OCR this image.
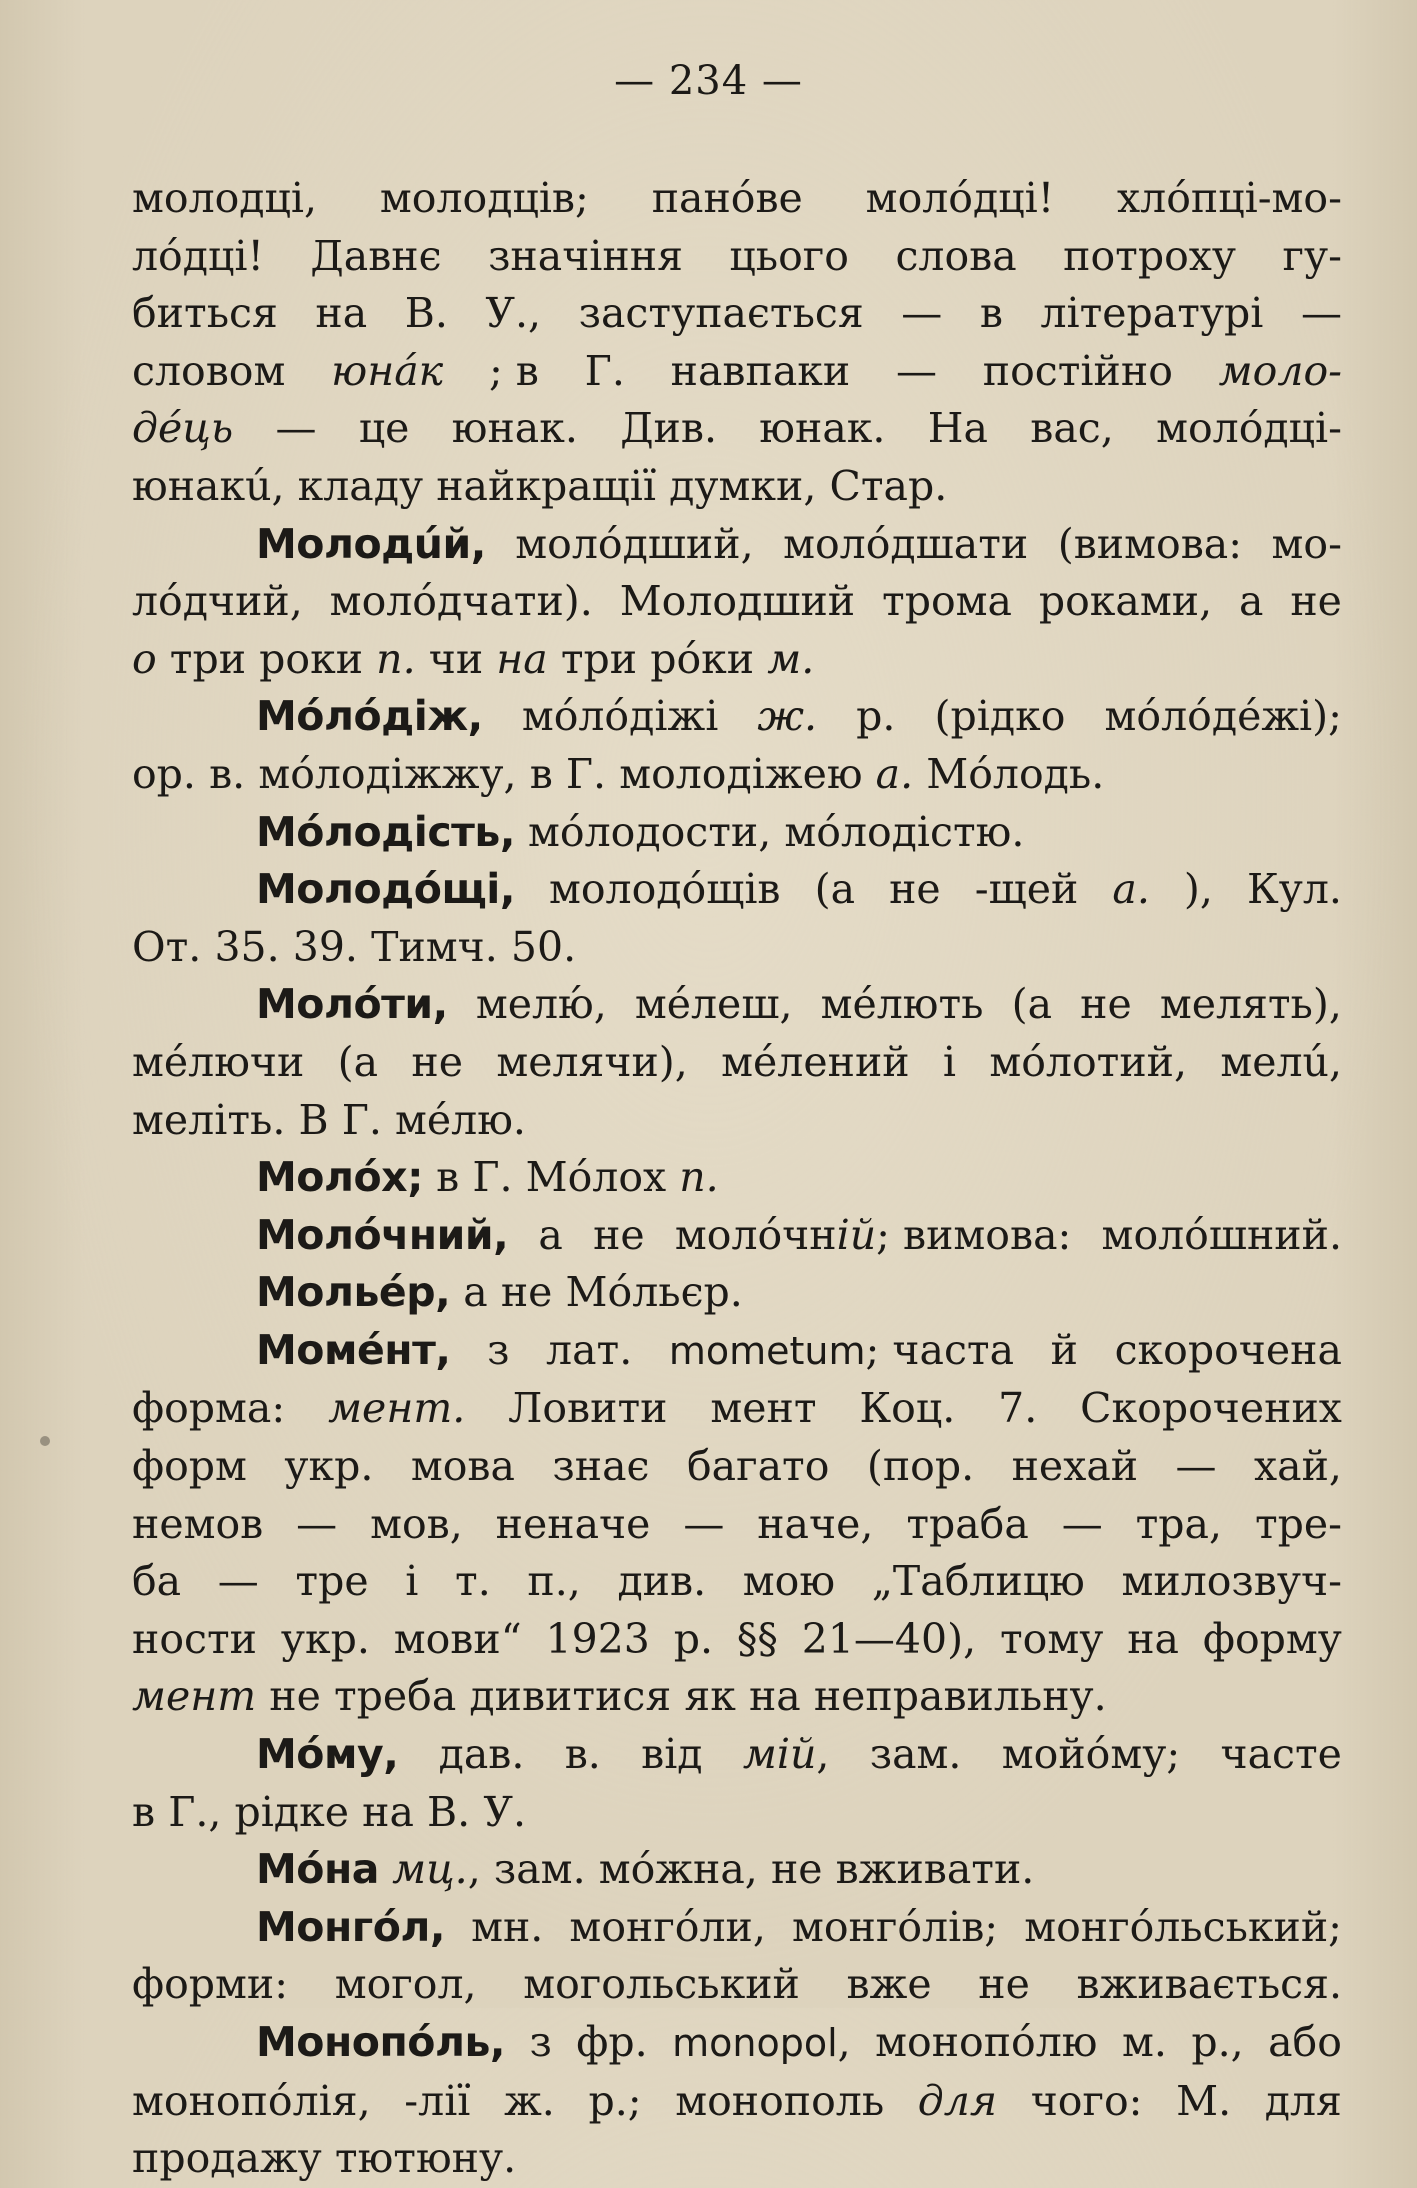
— 234 —
молодці, молодців; панóве молóдці! хлóпці-мо-
лóдці! Давнє значіння цього слова потроху гу-
биться на В. У., заступається — в літературі —
словом юнáк ; в Г. навпаки — постійно моло-
дéць — це юнак. Див. юнак. На вас, молóдці-
юнакú, кладу найкращії думки, Стар.
Молодúй, молóдший, молóдшати (вимова: мо-
лóдчий, молóдчати). Молодший трома роками, а не
о три роки п. чи на три рóки м.
Мóлóдіж, мóлóдіжі ж. р. (рідко мóлóдéжі);
ор. в. мóлодіжжу, в Г. молодіжею а. Мóлодь.
Мóлодість, мóлодости, мóлодістю.
Молодóщі, молодóщів (а не -щей а. ), Кул.
От. 35. 39. Тимч. 50.
Молóти, мелю́, мéлеш, мéлють (а не мелять),
мéлючи (а не мелячи), мéлений і мóлотий, мелú,
меліть. В Г. мéлю.
Молóх; в Г. Мóлох п.
Молóчний, а не молóчній; вимова: молóшний.
Мольéр, а не Мóльєр.
Момéнт, з лат. mometum; часта й скорочена
форма: мент. Ловити мент Коц. 7. Скорочених
форм укр. мова знає багато (пор. нехай — хай,
немов — мов, неначе — наче, траба — тра, тре-
ба — тре і т. п., див. мою „Таблицю милозвуч-
ности укр. мови“ 1923 р. §§ 21—40), тому на форму
мент не треба дивитися як на неправильну.
Мóму, дав. в. від мій, зам. мойóму; часте
в Г., рідке на В. У.
Мóна мц., зам. мóжна, не вживати.
Монгóл, мн. монгóли, монгóлів; монгóльський;
форми: могол, могольський вже не вживається.
Монопóль, з фр. monopol, монопóлю м. р., або
монопóлія, -лії ж. р.; монополь для чого: М. для
продажу тютюну.
